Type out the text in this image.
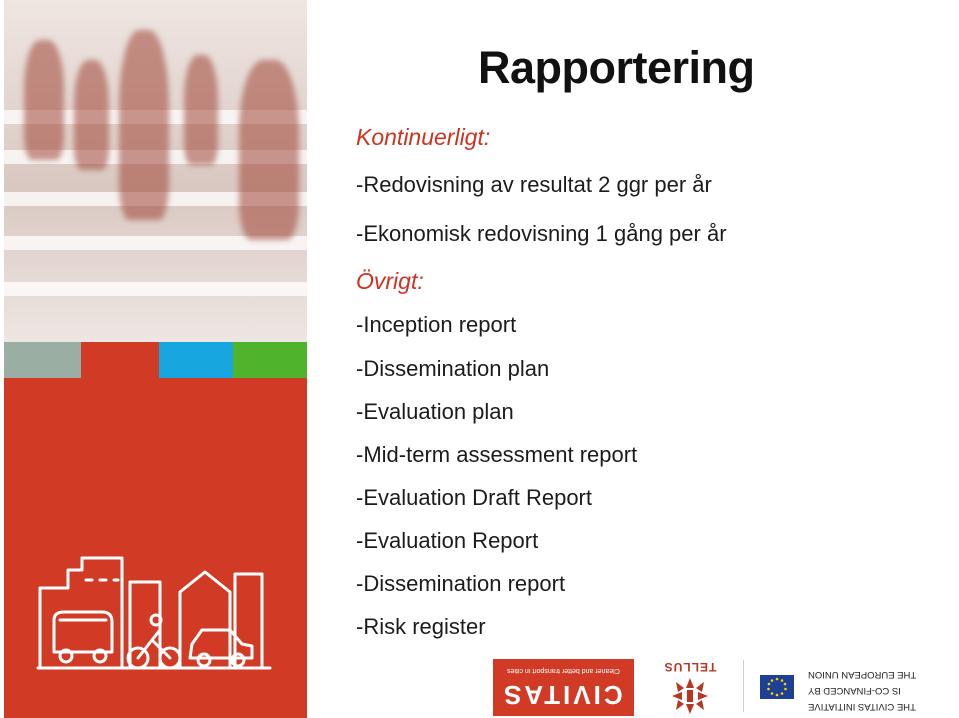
Rapportering
Kontinuerligt:
-Redovisning av resultat 2 ggr per år
-Ekonomisk redovisning 1 gång per år
Övrigt:
-Inception report
-Dissemination plan
-Evaluation plan
-Mid-term assessment report
-Evaluation Draft Report
-Evaluation Report
-Dissemination report
-Risk register
Cleaner and better transport in cities
CIVITAS
TELLUS
THE EUROPEAN UNION
IS CO-FINANCED BY
THE CIVITAS INITIATIVE
